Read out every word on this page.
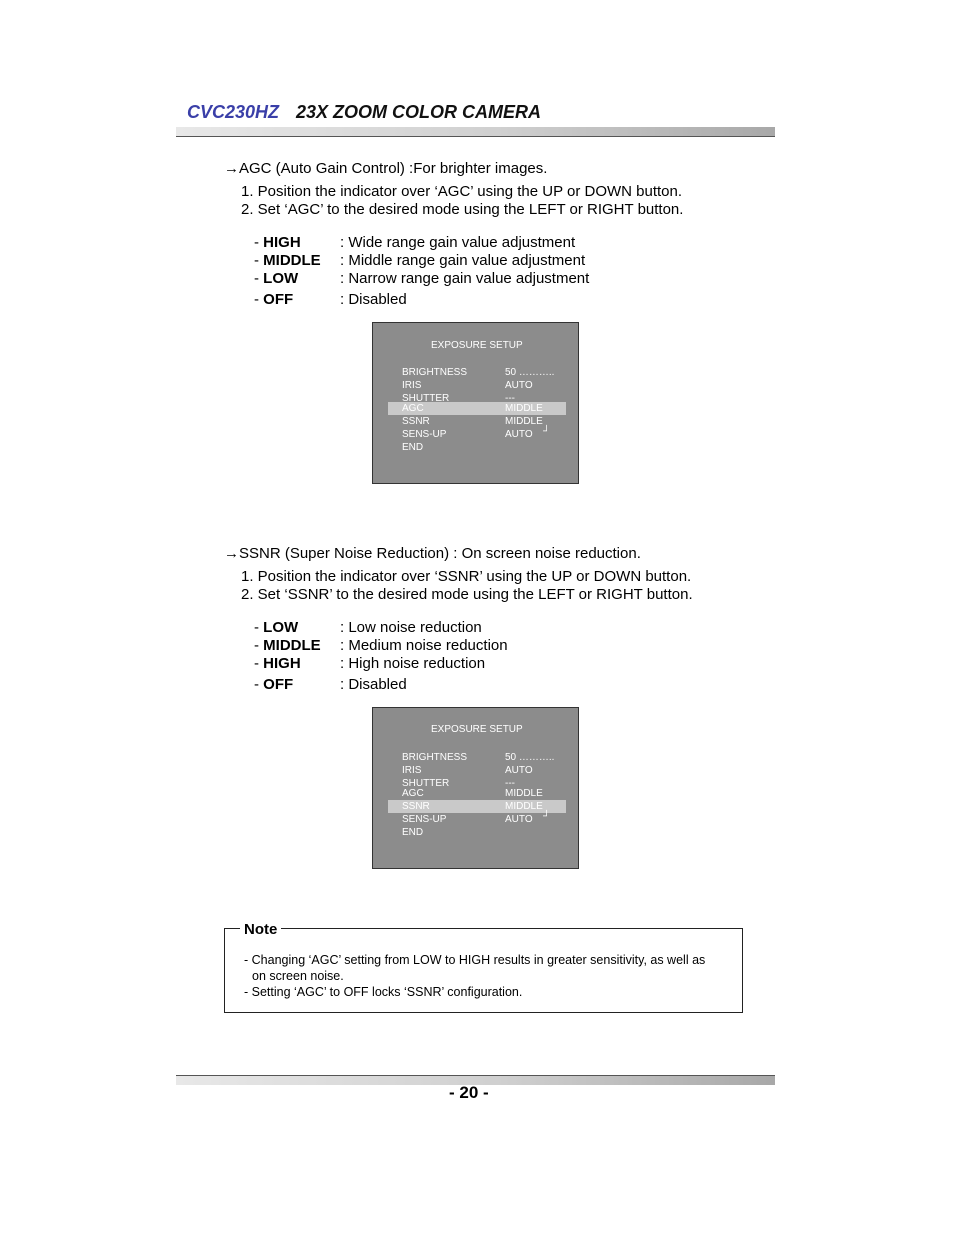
CVC230HZ 23X ZOOM COLOR CAMERA
→AGC (Auto Gain Control) :For brighter images.
1. Position the indicator over ‘AGC’ using the UP or DOWN button.
2. Set ‘AGC’ to the desired mode using the LEFT or RIGHT button.
- HIGH	: Wide range gain value adjustment
- MIDDLE : Middle range gain value adjustment
- LOW	: Narrow range gain value adjustment
- OFF	: Disabled
EXPOSURE SETUP
BRIGHTNESS	50 ………..
IRIS	AUTO
SHUTTER	---
AGC	MIDDLE
SSNR	MIDDLE
SENS-UP	AUTO ┘
END
→SSNR (Super Noise Reduction) : On screen noise reduction.
1. Position the indicator over ‘SSNR’ using the UP or DOWN button.
2. Set ‘SSNR’ to the desired mode using the LEFT or RIGHT button.
- LOW	: Low noise reduction
- MIDDLE : Medium noise reduction
- HIGH	: High noise reduction
- OFF	: Disabled
EXPOSURE SETUP
BRIGHTNESS	50 ………..
IRIS	AUTO
SHUTTER	---
AGC	MIDDLE
SSNR	MIDDLE
SENS-UP	AUTO ┘
END
Note
- Changing ‘AGC’ setting from LOW to HIGH results in greater sensitivity, as well as
on screen noise.
- Setting ‘AGC’ to OFF locks ‘SSNR’ configuration.
- 20 -
